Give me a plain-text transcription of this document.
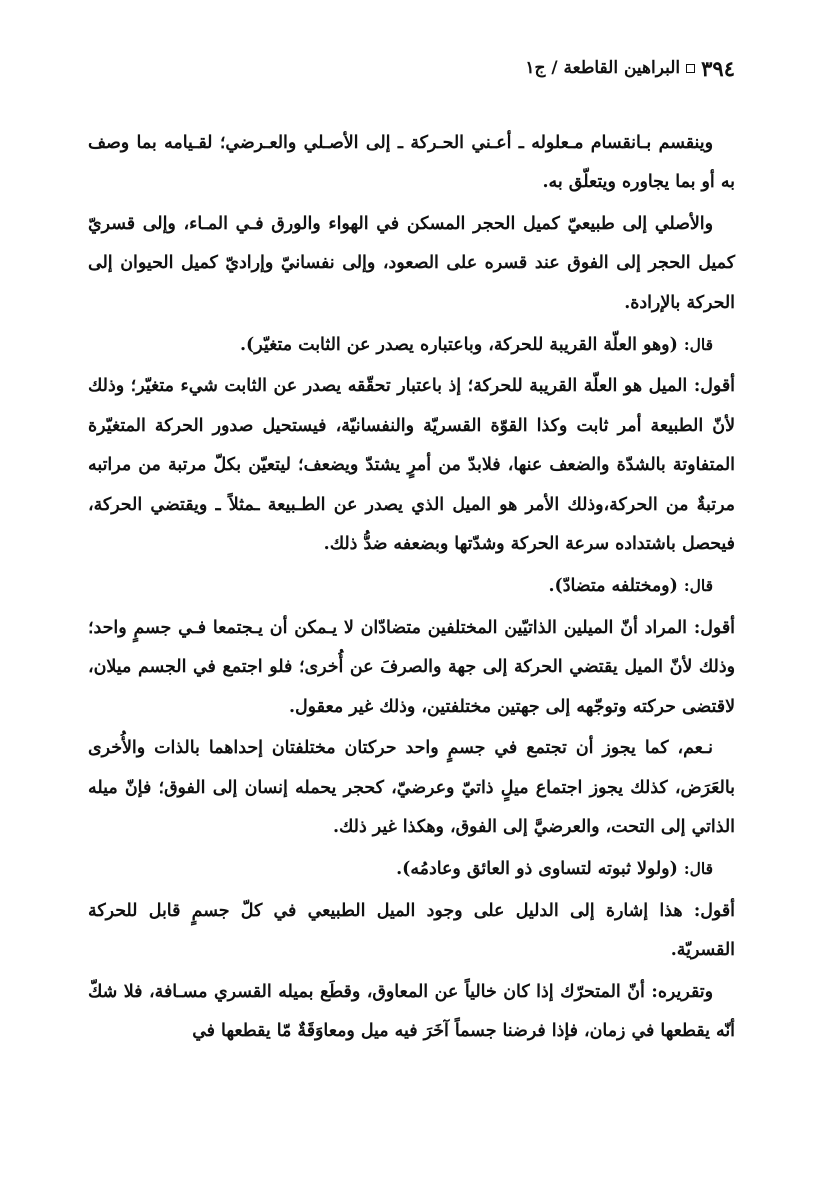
٣٩٤
البراهين القاطعة / ج١

وينقسم بـانقسام مـعلوله ـ أعـني الحـركة ـ إلى الأصـلي والعـرضي؛ لقـيامه بما وصف به أو بما يجاوره ويتعلّق به.

والأصلي إلى طبيعيّ كميل الحجر المسكن في الهواء والورق فـي المـاء، وإلى قسريّ كميل الحجر إلى الفوق عند قسره على الصعود، وإلى نفسانيّ وإراديّ كميل الحيوان إلى الحركة بالإرادة.

قال: (وهو العلّة القريبة للحركة، وباعتباره يصدر عن الثابت متغيّر).

أقول: الميل هو العلّة القريبة للحركة؛ إذ باعتبار تحقّقه يصدر عن الثابت شيء متغيّر؛ وذلك لأنّ الطبيعة أمر ثابت وكذا القوّة القسريّة والنفسانيّة، فيستحيل صدور الحركة المتغيّرة المتفاوتة بالشدّة والضعف عنها، فلابدّ من أمرٍ يشتدّ ويضعف؛ ليتعيّن بكلّ مرتبة من مراتبه مرتبةٌ من الحركة،وذلك الأمر هو الميل الذي يصدر عن الطـبيعة ـمثلاً ـ ويقتضي الحركة، فيحصل باشتداده سرعة الحركة وشدّتها وبضعفه ضدُّ ذلك.

قال: (ومختلفه متضادّ).

أقول: المراد أنّ الميلين الذاتيّين المختلفين متضادّان لا يـمكن أن يـجتمعا فـي جسمٍ واحد؛وذلك لأنّ الميل يقتضي الحركة إلى جهة والصرفَ عن أُخرى؛ فلو اجتمع في الجسم ميلان، لاقتضى حركته وتوجّهه إلى جهتين مختلفتين، وذلك غير معقول.

نـعم، كما يجوز أن تجتمع في جسمٍ واحد حركتان مختلفتان إحداهما بالذات والأُخرى بالعَرَض، كذلك يجوز اجتماع ميلٍ ذاتيّ وعرضيّ، كحجر يحمله إنسان إلى الفوق؛ فإنّ ميله الذاتي إلى التحت، والعرضيَّ إلى الفوق، وهكذا غير ذلك.

قال: (ولولا ثبوته لتساوى ذو العائق وعادمُه).

أقول: هذا إشارة إلى الدليل على وجود الميل الطبيعي في كلّ جسمٍ قابل للحركة القسريّة.

وتقريره: أنّ المتحرّك إذا كان خالياً عن المعاوق، وقطَع بميله القسري مسـافة، فلا شكّ أنّه يقطعها في زمان، فإذا فرضنا جسماً آخَرَ فيه ميل ومعاوَقَةٌ مّا يقطعها في
